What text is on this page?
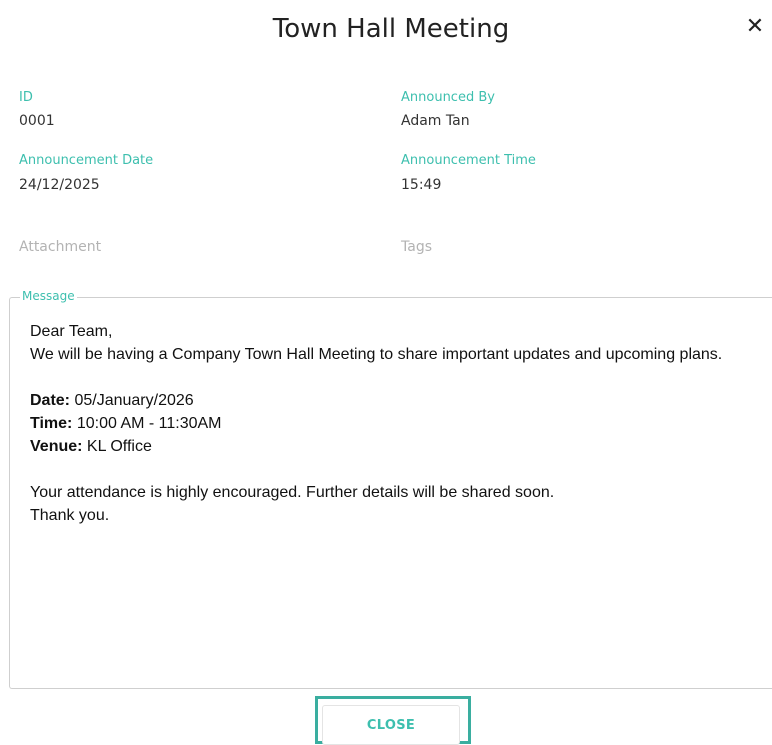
Town Hall Meeting	✕
ID
0001
Announced By
Adam Tan
Announcement Date
24/12/2025
Announcement Time
15:49
Attachment	Tags
Message
Dear Team,
We will be having a Company Town Hall Meeting to share important updates and upcoming plans.
Date: 05/January/2026
Time: 10:00 AM - 11:30AM
Venue: KL Office
Your attendance is highly encouraged. Further details will be shared soon.
Thank you.
CLOSE
